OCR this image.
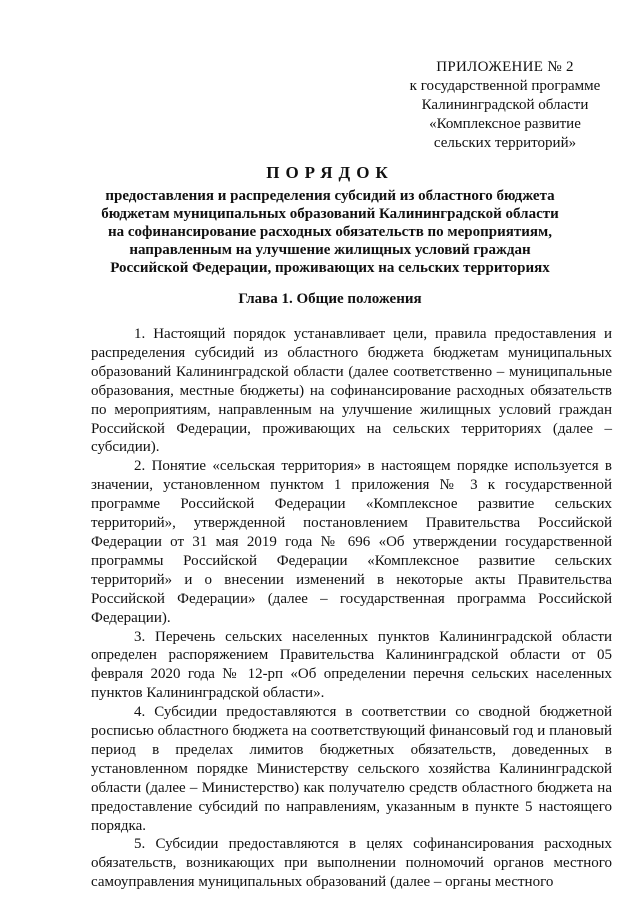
ПРИЛОЖЕНИЕ № 2
к государственной программе
Калининградской области
«Комплексное развитие
сельских территорий»
ПОРЯДОК
предоставления и распределения субсидий из областного бюджета
бюджетам муниципальных образований Калининградской области
на софинансирование расходных обязательств по мероприятиям,
направленным на улучшение жилищных условий граждан
Российской Федерации, проживающих на сельских территориях
Глава 1. Общие положения

1. Настоящий порядок устанавливает цели, правила предоставления и распределения субсидий из областного бюджета бюджетам муниципальных образований Калининградской области (далее соответственно – муниципальные образования, местные бюджеты) на софинансирование расходных обязательств по мероприятиям, направленным на улучшение жилищных условий граждан Российской Федерации, проживающих на сельских территориях (далее – субсидии).

2. Понятие «сельская территория» в настоящем порядке используется в значении, установленном пунктом 1 приложения № 3 к государственной программе Российской Федерации «Комплексное развитие сельских территорий», утвержденной постановлением Правительства Российской Федерации от 31 мая 2019 года № 696 «Об утверждении государственной программы Российской Федерации «Комплексное развитие сельских территорий» и о внесении изменений в некоторые акты Правительства Российской Федерации» (далее – государственная программа Российской Федерации).

3. Перечень сельских населенных пунктов Калининградской области определен распоряжением Правительства Калининградской области от 05 февраля 2020 года № 12-рп «Об определении перечня сельских населенных пунктов Калининградской области».

4. Субсидии предоставляются в соответствии со сводной бюджетной росписью областного бюджета на соответствующий финансовый год и плановый период в пределах лимитов бюджетных обязательств, доведенных в установленном порядке Министерству сельского хозяйства Калининградской области (далее – Министерство) как получателю средств областного бюджета на предоставление субсидий по направлениям, указанным в пункте 5 настоящего порядка.

5. Субсидии предоставляются в целях софинансирования расходных обязательств, возникающих при выполнении полномочий органов местного самоуправления муниципальных образований (далее – органы местного
